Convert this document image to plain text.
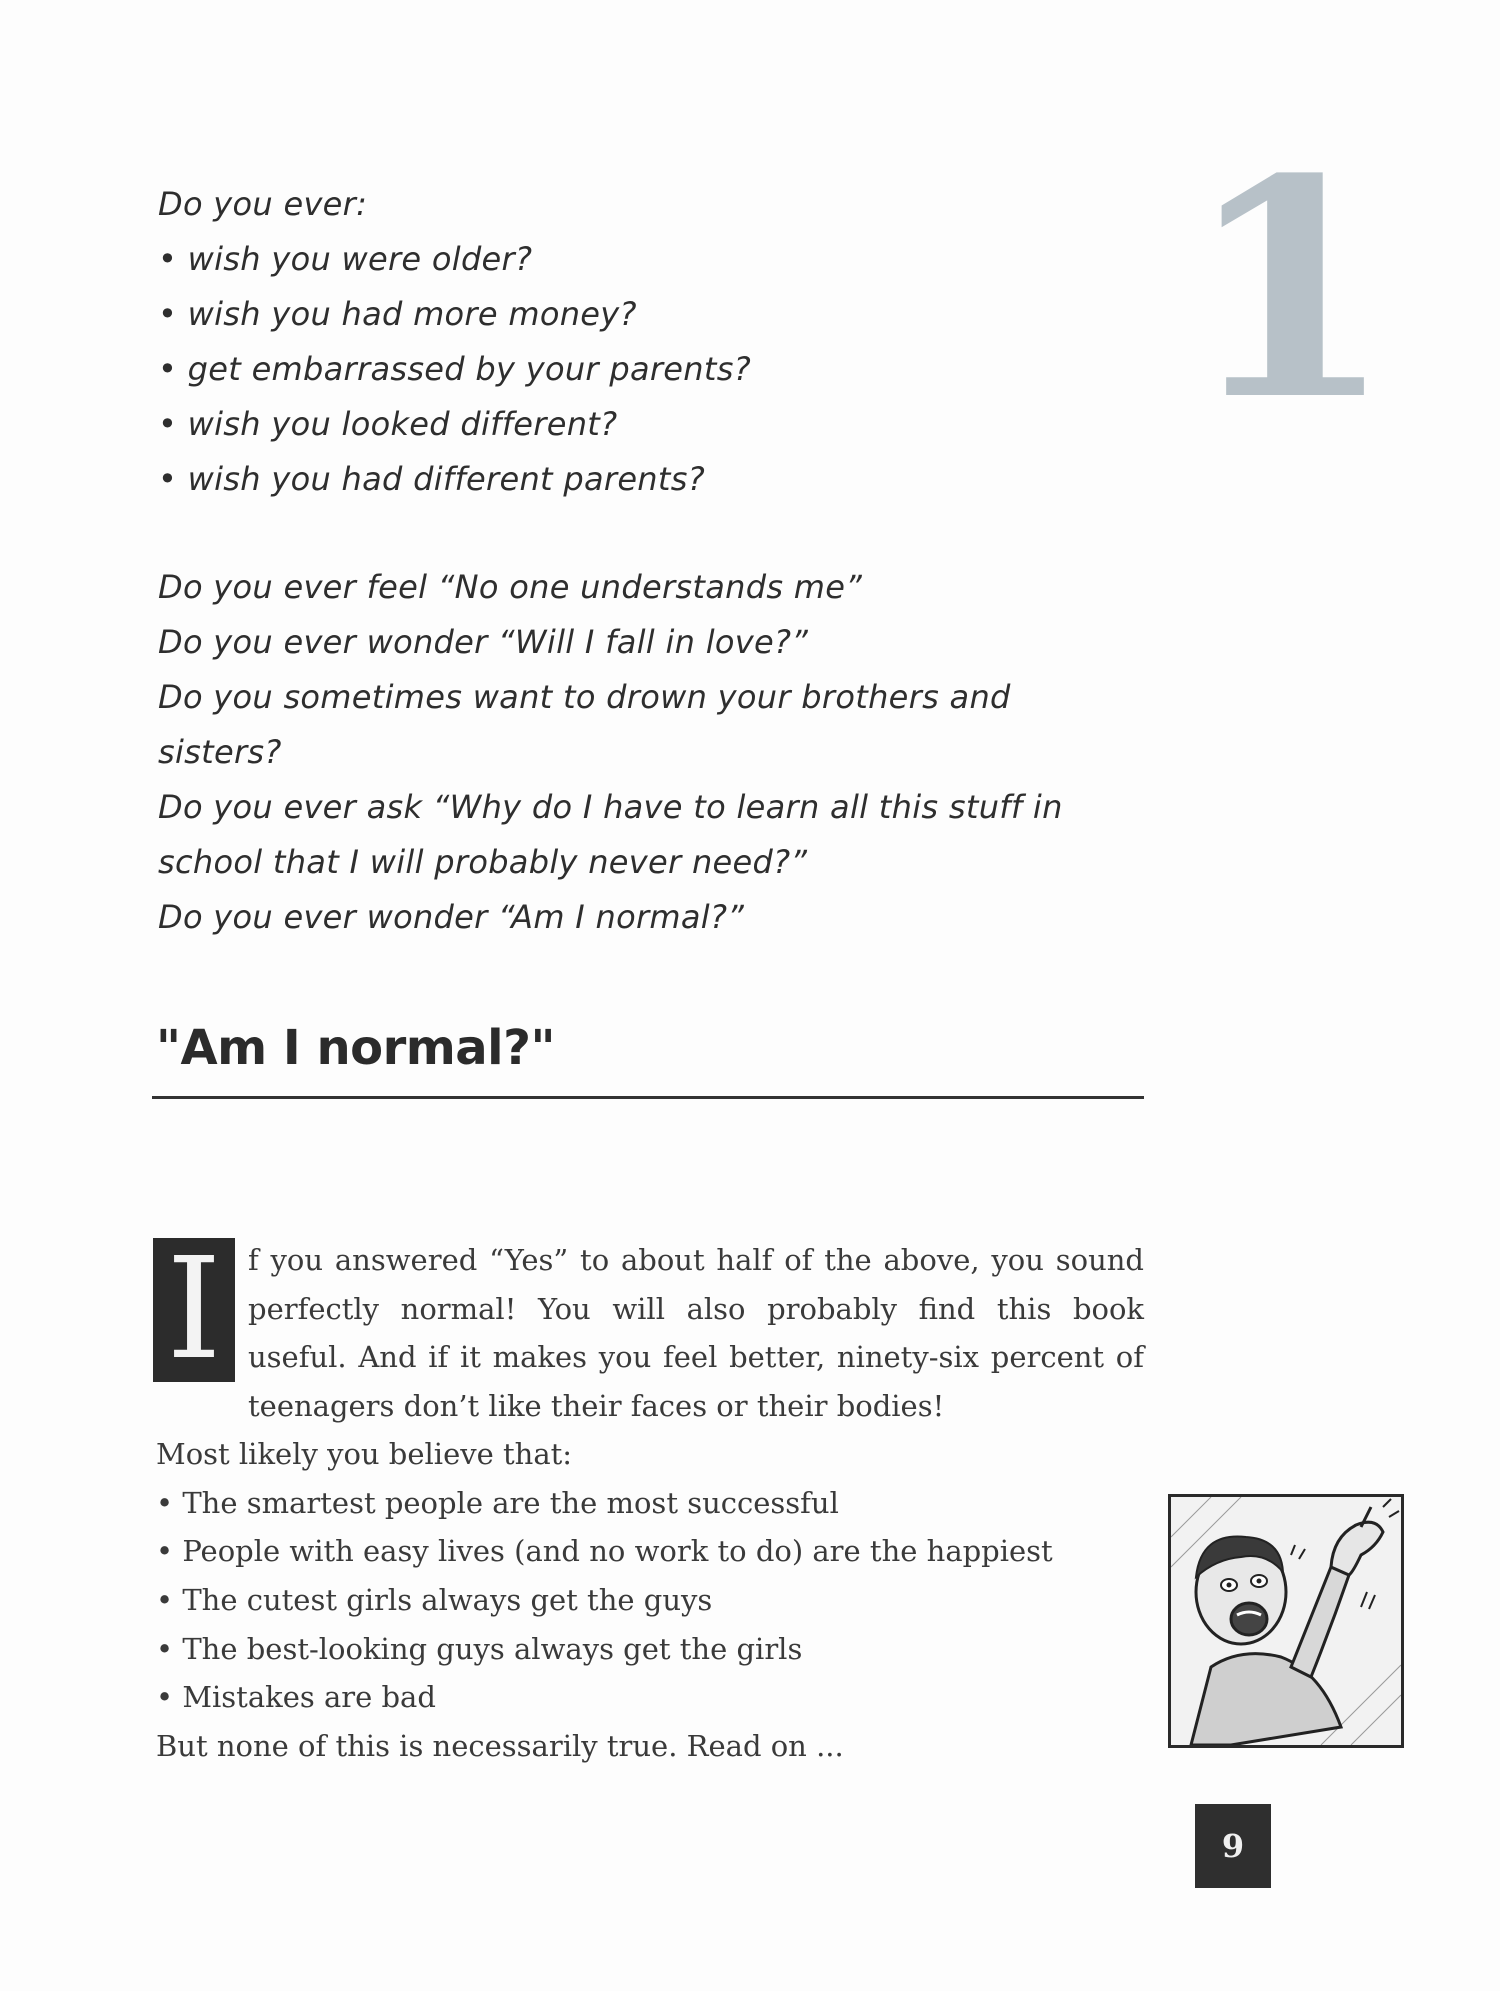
1
Do you ever:
• wish you were older?
• wish you had more money?
• get embarrassed by your parents?
• wish you looked different?
• wish you had different parents?
Do you ever feel “No one understands me”
Do you ever wonder “Will I fall in love?”
Do you sometimes want to drown your brothers and
sisters?
Do you ever ask “Why do I have to learn all this stuff in
school that I will probably never need?”
Do you ever wonder “Am I normal?”
"Am I normal?"
I f you answered “Yes” to about half of the above, you sound
perfectly normal! You will also probably find this book
useful. And if it makes you feel better, ninety-six percent of
teenagers don’t like their faces or their bodies!
Most likely you believe that:
• The smartest people are the most successful
• People with easy lives (and no work to do) are the happiest
• The cutest girls always get the guys
• The best-looking guys always get the girls
• Mistakes are bad
But none of this is necessarily true. Read on ...
9
